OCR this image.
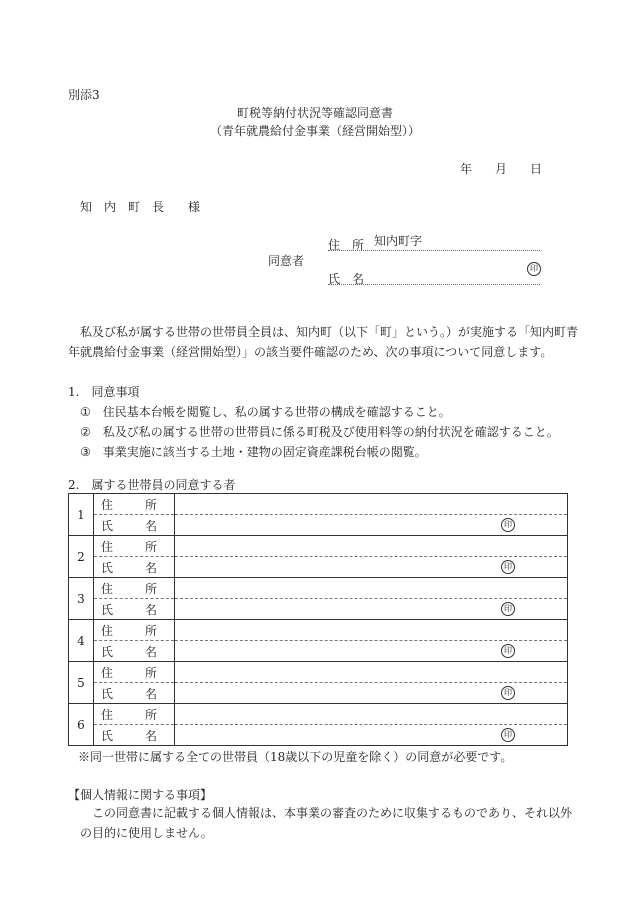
別添3
町税等納付状況等確認同意書
（青年就農給付金事業（経営開始型））
年 月 日
知　内　町　長　　様
同意者
住　所 知内町字
氏　名
印
私及び私が属する世帯の世帯員全員は、知内町（以下「町」という。）が実施する「知内町青
年就農給付金事業（経営開始型）」の該当要件確認のため、次の事項について同意します。
1.　同意事項
① 住民基本台帳を閲覧し、私の属する世帯の構成を確認すること。
② 私及び私の属する世帯の世帯員に係る町税及び使用料等の納付状況を確認すること。
③ 事業実施に該当する土地・建物の固定資産課税台帳の閲覧。
2.　属する世帯員の同意する者
1	住　所	
	氏　名	印

2	住　所	
	氏　名	印

3	住　所	
	氏　名	印

4	住　所	
	氏　名	印

5	住　所	
	氏　名	印

6	住　所	
	氏　名	印
※同一世帯に属する全ての世帯員（18歳以下の児童を除く）の同意が必要です。
【個人情報に関する事項】
この同意書に記載する個人情報は、本事業の審査のために収集するものであり、それ以外
の目的に使用しません。
